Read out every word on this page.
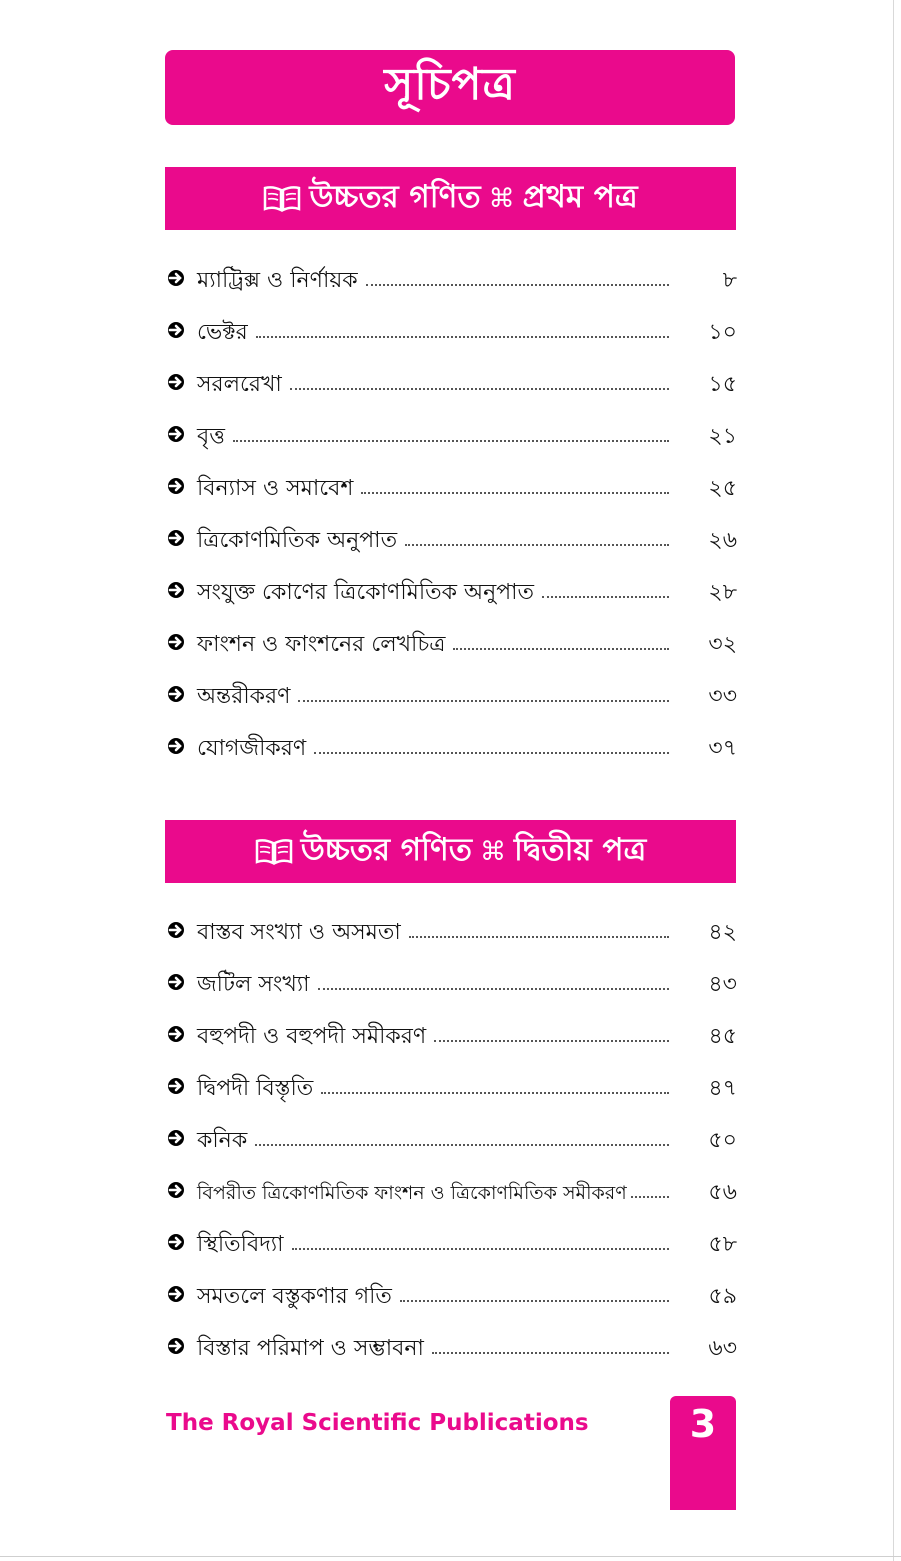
সূচিপত্র
উচ্চতর গণিত ⌘ প্রথম পত্র
ম্যাট্রিক্স ও নির্ণায়ক	৮
ভেক্টর	১০
সরলরেখা	১৫
বৃত্ত	২১
বিন্যাস ও সমাবেশ	২৫
ত্রিকোণমিতিক অনুপাত	২৬
সংযুক্ত কোণের ত্রিকোণমিতিক অনুপাত	২৮
ফাংশন ও ফাংশনের লেখচিত্র	৩২
অন্তরীকরণ	৩৩
যোগজীকরণ	৩৭
উচ্চতর গণিত ⌘ দ্বিতীয় পত্র
বাস্তব সংখ্যা ও অসমতা	৪২
জটিল সংখ্যা	৪৩
বহুপদী ও বহুপদী সমীকরণ	৪৫
দ্বিপদী বিস্তৃতি	৪৭
কনিক	৫০
বিপরীত ত্রিকোণমিতিক ফাংশন ও ত্রিকোণমিতিক সমীকরণ	৫৬
স্থিতিবিদ্যা	৫৮
সমতলে বস্তুকণার গতি	৫৯
বিস্তার পরিমাপ ও সম্ভাবনা	৬৩
The Royal Scientific Publications	3
